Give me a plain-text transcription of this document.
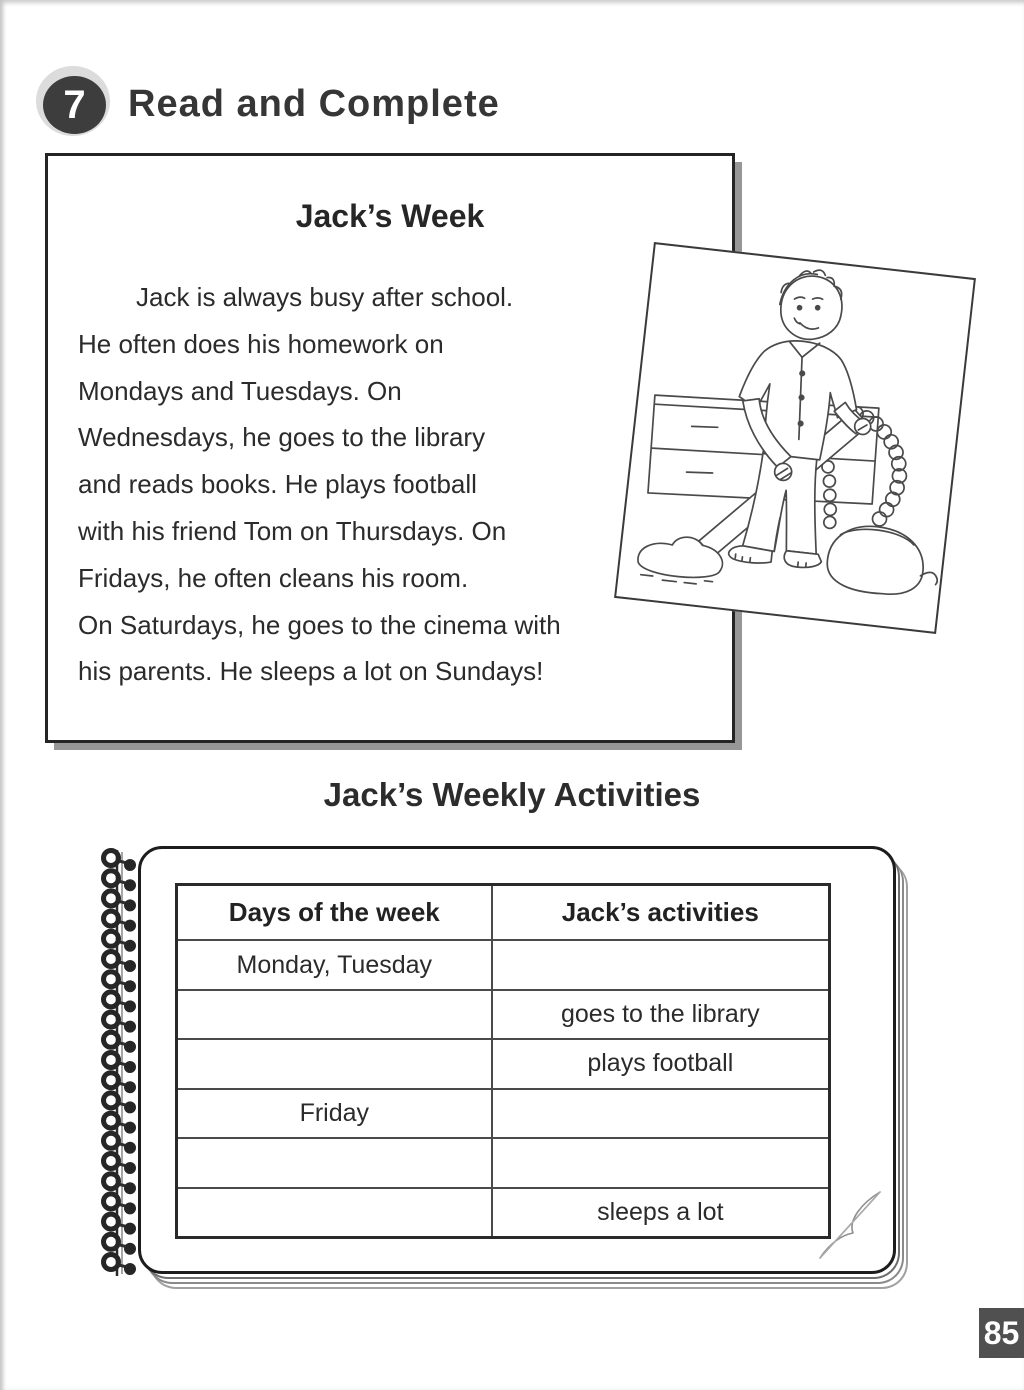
7 Read and Complete
Jack’s Week
Jack is always busy after school.
He often does his homework on
Mondays and Tuesdays. On
Wednesdays, he goes to the library
and reads books. He plays football
with his friend Tom on Thursdays. On
Fridays, he often cleans his room.
On Saturdays, he goes to the cinema with
his parents. He sleeps a lot on Sundays!
Jack’s Weekly Activities
Days of the week	Jack’s activities
Monday, Tuesday
goes to the library
plays football
Friday
sleeps a lot
85
